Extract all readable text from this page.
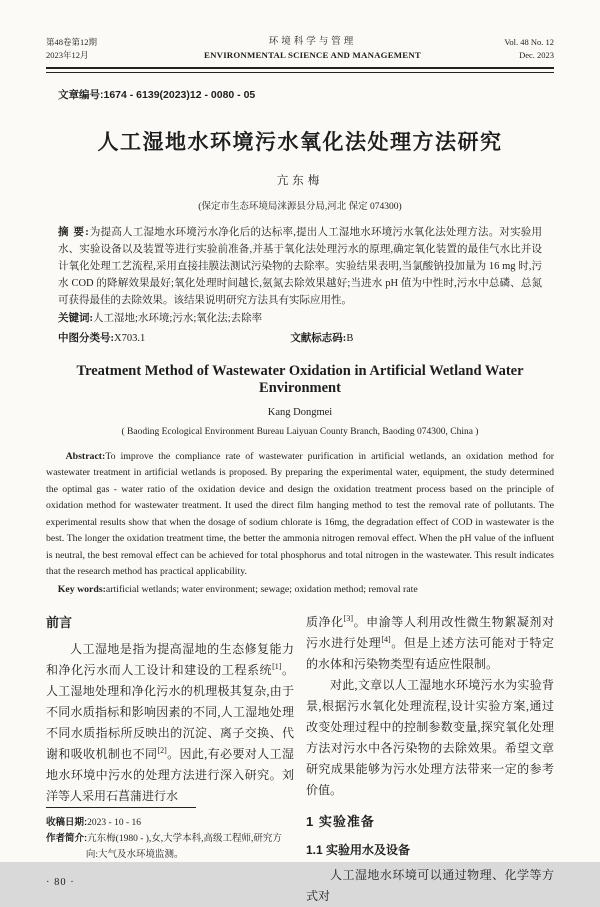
第48卷第12期
2023年12月
环境科学与管理
ENVIRONMENTAL SCIENCE AND MANAGEMENT
Vol. 48 No. 12
Dec. 2023
文章编号:1674 - 6139(2023)12 - 0080 - 05
人工湿地水环境污水氧化法处理方法研究
亢东梅
(保定市生态环境局涞源县分局,河北 保定 074300)

摘 要:为提高人工湿地水环境污水净化后的达标率,提出人工湿地水环境污水氧化法处理方法。对实验用水、实验设备以及装置等进行实验前准备,并基于氧化法处理污水的原理,确定氧化装置的最佳气水比并设计氧化处理工艺流程,采用直接挂膜法测试污染物的去除率。实验结果表明,当氯酸钠投加量为 16 mg 时,污水 COD 的降解效果最好;氧化处理时间越长,氨氮去除效果越好;当进水 pH 值为中性时,污水中总磷、总氮可获得最佳的去除效果。该结果说明研究方法具有实际应用性。

关键词:人工湿地;水环境;污水;氧化法;去除率

中图分类号:X703.1	文献标志码:B
Treatment Method of Wastewater Oxidation in Artificial Wetland Water Environment
Kang Dongmei
( Baoding Ecological Environment Bureau Laiyuan County Branch, Baoding 074300, China )

Abstract:To improve the compliance rate of wastewater purification in artificial wetlands, an oxidation method for wastewater treatment in artificial wetlands is proposed. By preparing the experimental water, equipment, the study determined the optimal gas - water ratio of the oxidation device and design the oxidation treatment process based on the principle of oxidation method for wastewater treatment. It used the direct film hanging method to test the removal rate of pollutants. The experimental results show that when the dosage of sodium chlorate is 16mg, the degradation effect of COD in wastewater is the best. The longer the oxidation treatment time, the better the ammonia nitrogen removal effect. When the pH value of the influent is neutral, the best removal effect can be achieved for total phosphorus and total nitrogen in the wastewater. This result indicates that the research method has practical applicability.

Key words:artificial wetlands; water environment; sewage; oxidation method; removal rate

前言

人工湿地是指为提高湿地的生态修复能力和净化污水而人工设计和建设的工程系统[1]。人工湿地处理和净化污水的机理极其复杂,由于不同水质指标和影响因素的不同,人工湿地处理不同水质指标所反映出的沉淀、离子交换、代谢和吸收机制也不同[2]。因此,有必要对人工湿地水环境中污水的处理方法进行深入研究。刘洋等人采用石菖蒲进行水

收稿日期:2023 - 10 - 16

作者简介:亢东梅(1980 - ),女,大学本科,高级工程师,研究方向:大气及水环境监测。

· 80 ·

质净化[3]。申渝等人利用改性微生物絮凝剂对污水进行处理[4]。但是上述方法可能对于特定的水体和污染物类型有适应性限制。

对此,文章以人工湿地水环境污水为实验背景,根据污水氧化处理流程,设计实验方案,通过改变处理过程中的控制参数变量,探究氧化处理方法对污水中各污染物的去除效果。希望文章研究成果能够为污水处理方法带来一定的参考价值。

1 实验准备
1.1 实验用水及设备

人工湿地水环境可以通过物理、化学等方式对
